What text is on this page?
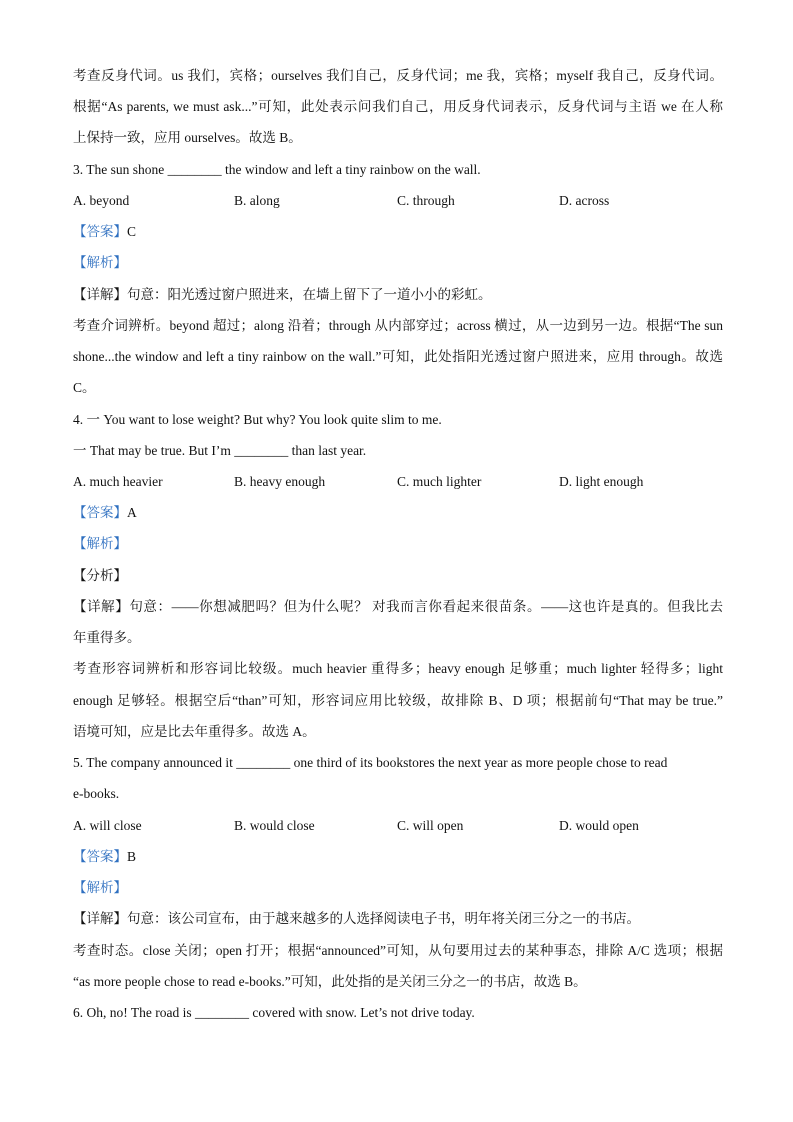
考查反身代词。us 我们，宾格；ourselves 我们自己，反身代词；me 我，宾格；myself 我自己，反身代词。
根据“As parents, we must ask...”可知，此处表示问我们自己，用反身代词表示，反身代词与主语 we 在人称
上保持一致，应用 ourselves。故选 B。
3. The sun shone ________ the window and left a tiny rainbow on the wall.
A. beyond	B. along	C. through	D. across
【答案】C
【解析】
【详解】句意：阳光透过窗户照进来，在墙上留下了一道小小的彩虹。
考查介词辨析。beyond 超过；along 沿着；through 从内部穿过；across 横过，从一边到另一边。根据“The sun
shone...the window and left a tiny rainbow on the wall.”可知，此处指阳光透过窗户照进来，应用 through。故选
C。
4. 一 You want to lose weight? But why? You look quite slim to me.
一 That may be true. But I’m ________ than last year.
A. much heavier	B. heavy enough	C. much lighter	D. light enough
【答案】A
【解析】
【分析】
【详解】句意：——你想减肥吗？但为什么呢？ 对我而言你看起来很苗条。——这也许是真的。但我比去
年重得多。
考查形容词辨析和形容词比较级。much heavier 重得多；heavy enough 足够重；much lighter 轻得多；light
enough 足够轻。根据空后“than”可知，形容词应用比较级，故排除 B、D 项；根据前句“That may be true.”
语境可知，应是比去年重得多。故选 A。
5. The company announced it ________ one third of its bookstores the next year as more people chose to read
e-books.
A. will close	B. would close	C. will open	D. would open
【答案】B
【解析】
【详解】句意：该公司宣布，由于越来越多的人选择阅读电子书，明年将关闭三分之一的书店。
考查时态。close 关闭；open 打开；根据“announced”可知，从句要用过去的某种事态，排除 A/C 选项；根据
“as more people chose to read e-books.”可知，此处指的是关闭三分之一的书店，故选 B。
6. Oh, no! The road is ________ covered with snow. Let’s not drive today.
